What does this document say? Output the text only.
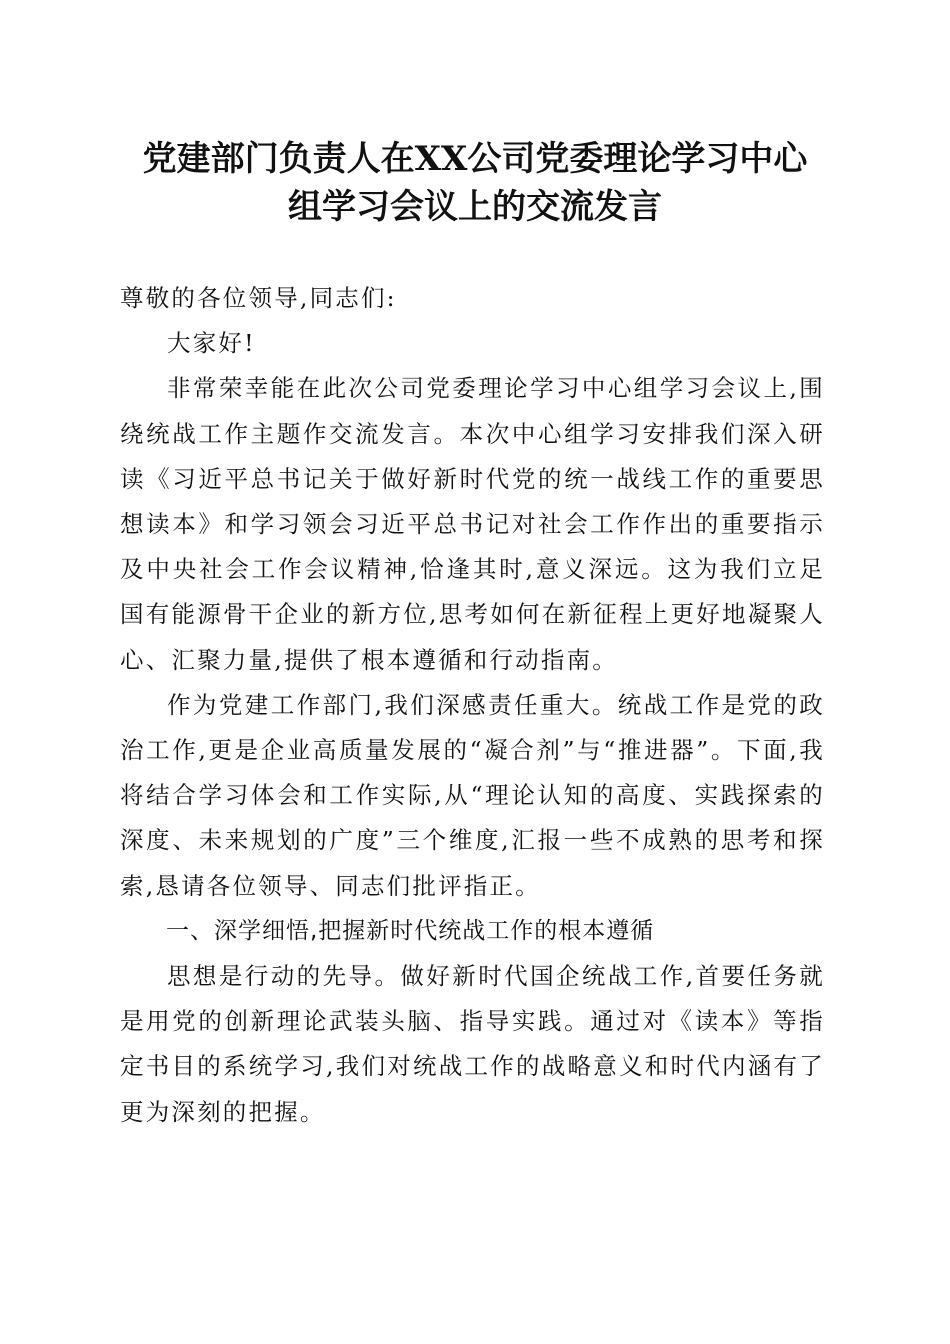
党建部门负责人在XX公司党委理论学习中心
组学习会议上的交流发言

尊敬的各位领导,同志们:

大家好!

非常荣幸能在此次公司党委理论学习中心组学习会议上,围绕统战工作主题作交流发言。本次中心组学习安排我们深入研读《习近平总书记关于做好新时代党的统一战线工作的重要思想读本》和学习领会习近平总书记对社会工作作出的重要指示及中央社会工作会议精神,恰逢其时,意义深远。这为我们立足国有能源骨干企业的新方位,思考如何在新征程上更好地凝聚人心、汇聚力量,提供了根本遵循和行动指南。

作为党建工作部门,我们深感责任重大。统战工作是党的政治工作,更是企业高质量发展的“凝合剂”与“推进器”。下面,我将结合学习体会和工作实际,从“理论认知的高度、实践探索的深度、未来规划的广度”三个维度,汇报一些不成熟的思考和探索,恳请各位领导、同志们批评指正。

一、深学细悟,把握新时代统战工作的根本遵循

思想是行动的先导。做好新时代国企统战工作,首要任务就是用党的创新理论武装头脑、指导实践。通过对《读本》等指定书目的系统学习,我们对统战工作的战略意义和时代内涵有了更为深刻的把握。
